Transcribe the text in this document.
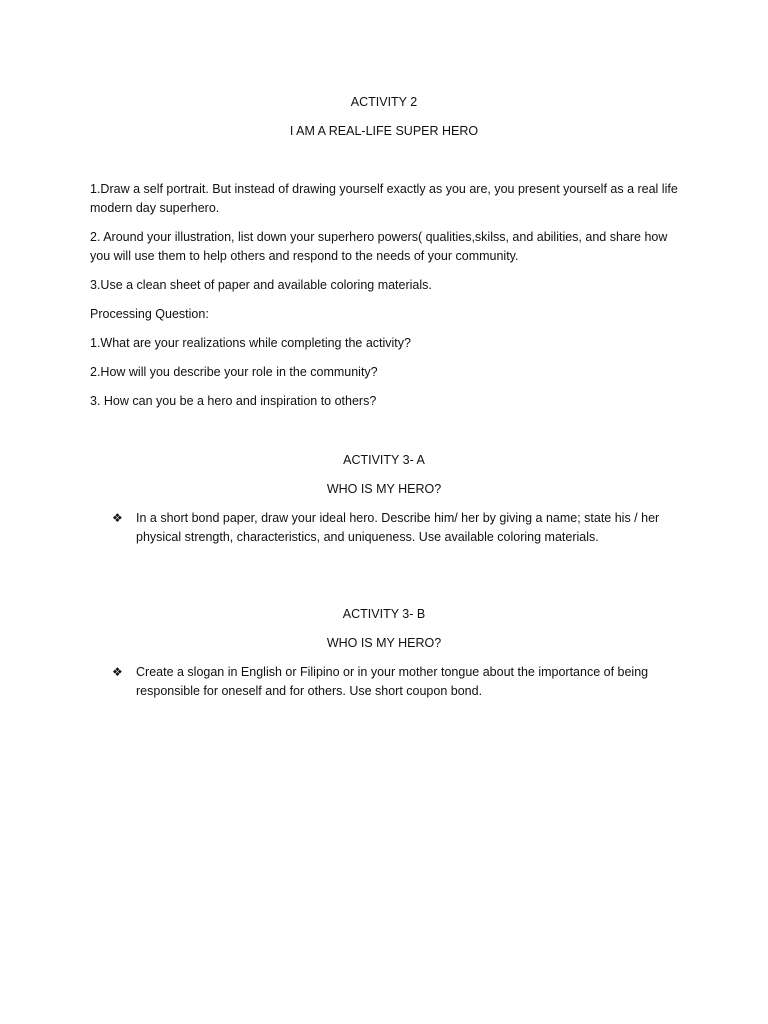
ACTIVITY 2
I AM A REAL-LIFE SUPER HERO
1.Draw a self portrait. But instead of drawing yourself exactly as you are, you present yourself as a real life modern day superhero.
2. Around your illustration, list down your superhero powers( qualities,skilss, and abilities, and share how you will use them to help others and respond to the needs of your community.
3.Use a clean sheet of paper and available coloring materials.
Processing Question:
1.What are your realizations while completing the activity?
2.How will you describe your role in the community?
3. How can you be a hero and inspiration to others?
ACTIVITY 3- A
WHO IS MY HERO?
❖ In a short bond paper, draw your ideal hero. Describe him/ her by giving a name; state his / her physical strength, characteristics, and uniqueness. Use available coloring materials.
ACTIVITY 3- B
WHO IS MY HERO?
❖ Create a slogan in English or Filipino or in your mother tongue about the importance of being responsible for oneself and for others. Use short coupon bond.
